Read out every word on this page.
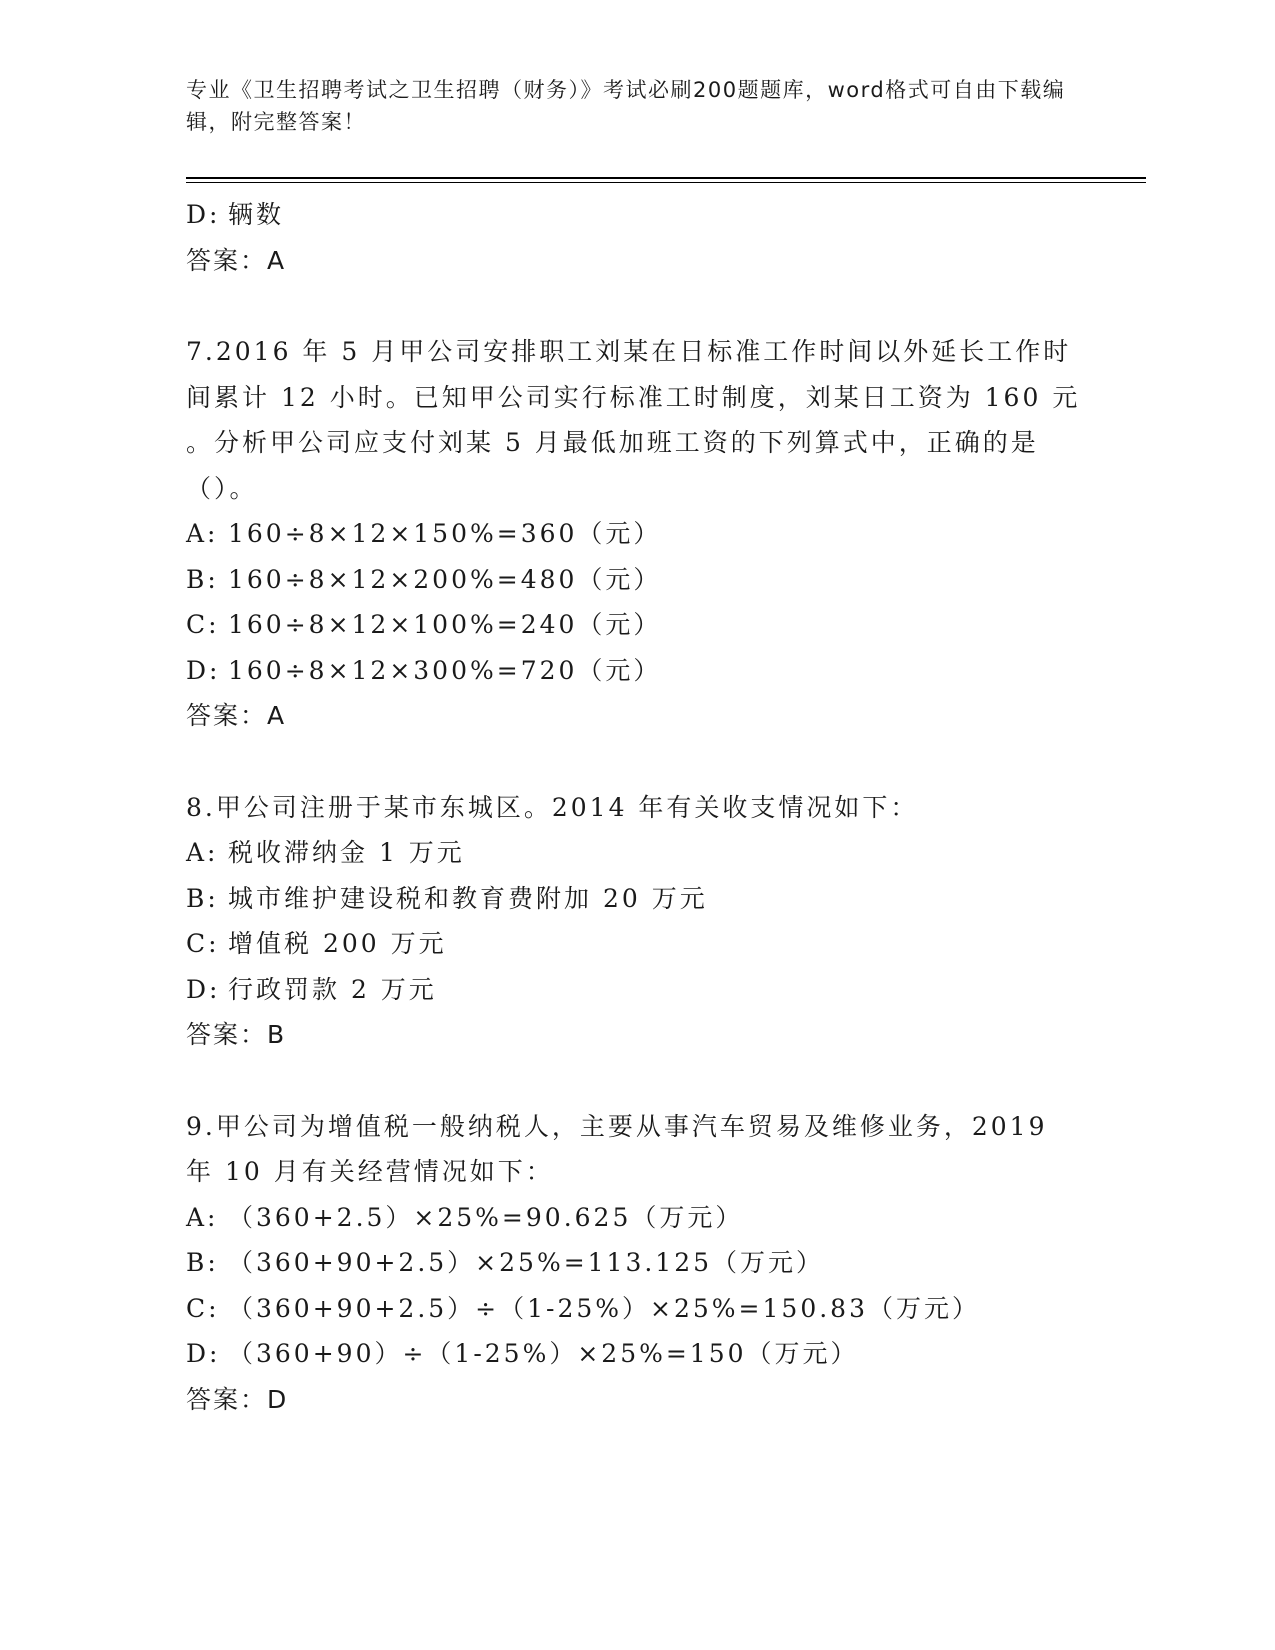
专业《卫生招聘考试之卫生招聘（财务）》考试必刷200题题库，word格式可自由下载编辑，附完整答案！
D: 辆数
答案：A
7.2016 年 5 月甲公司安排职工刘某在日标准工作时间以外延长工作时
间累计 12 小时。已知甲公司实行标准工时制度，刘某日工资为 160 元
。分析甲公司应支付刘某 5 月最低加班工资的下列算式中，正确的是
（）。
A: 160÷8×12×150%=360（元）
B: 160÷8×12×200%=480（元）
C: 160÷8×12×100%=240（元）
D: 160÷8×12×300%=720（元）
答案：A
8.甲公司注册于某市东城区。2014 年有关收支情况如下：
A: 税收滞纳金 1 万元
B: 城市维护建设税和教育费附加 20 万元
C: 增值税 200 万元
D: 行政罚款 2 万元
答案：B
9.甲公司为增值税一般纳税人，主要从事汽车贸易及维修业务，2019
年 10 月有关经营情况如下：
A: （360+2.5）×25%=90.625（万元）
B: （360+90+2.5）×25%=113.125（万元）
C: （360+90+2.5）÷（1-25%）×25%=150.83（万元）
D: （360+90）÷（1-25%）×25%=150（万元）
答案：D
